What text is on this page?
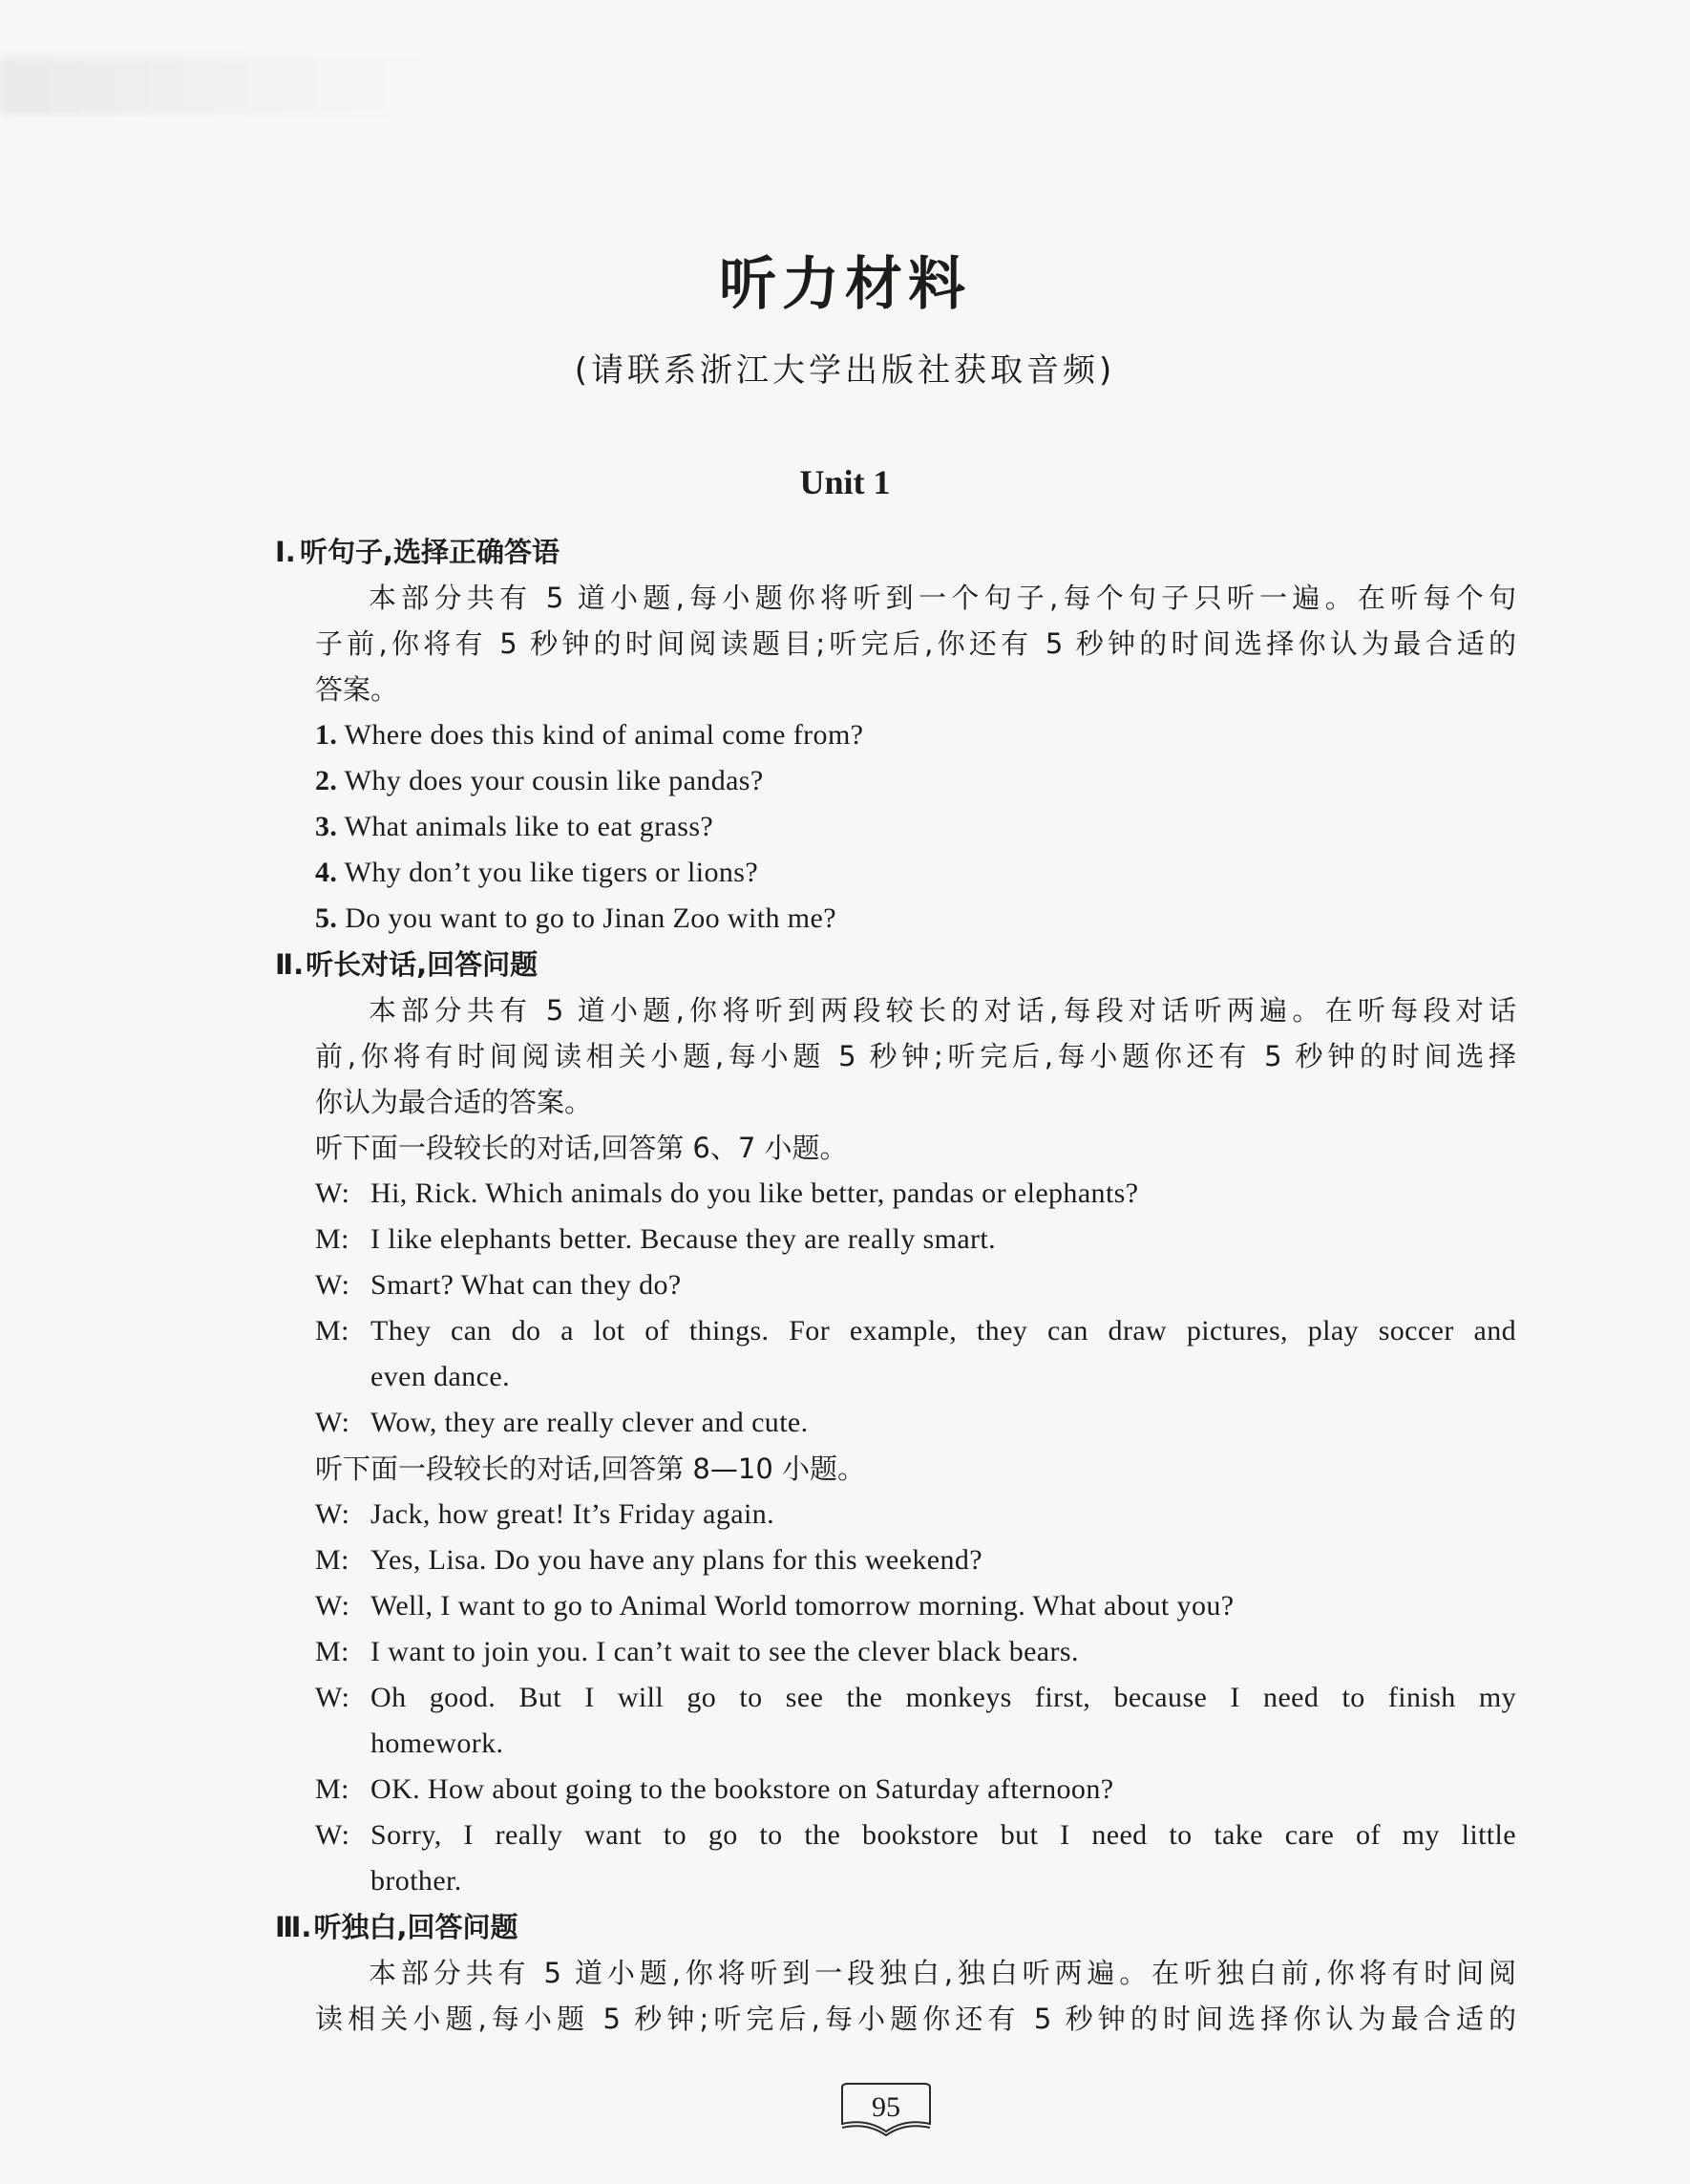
听力材料
(请联系浙江大学出版社获取音频)
Unit 1
Ⅰ. 听句子,选择正确答语
本部分共有 5 道小题,每小题你将听到一个句子,每个句子只听一遍。在听每个句
子前,你将有 5 秒钟的时间阅读题目;听完后,你还有 5 秒钟的时间选择你认为最合适的
答案。
1. Where does this kind of animal come from?
2. Why does your cousin like pandas?
3. What animals like to eat grass?
4. Why don’t you like tigers or lions?
5. Do you want to go to Jinan Zoo with me?
Ⅱ.听长对话,回答问题
本部分共有 5 道小题,你将听到两段较长的对话,每段对话听两遍。在听每段对话
前,你将有时间阅读相关小题,每小题 5 秒钟;听完后,每小题你还有 5 秒钟的时间选择
你认为最合适的答案。
听下面一段较长的对话,回答第 6、7 小题。
W: Hi, Rick. Which animals do you like better, pandas or elephants?
M: I like elephants better. Because they are really smart.
W: Smart? What can they do?
M: They can do a lot of things. For example, they can draw pictures, play soccer and
even dance.
W: Wow, they are really clever and cute.
听下面一段较长的对话,回答第 8—10 小题。
W: Jack, how great! It’s Friday again.
M: Yes, Lisa. Do you have any plans for this weekend?
W: Well, I want to go to Animal World tomorrow morning. What about you?
M: I want to join you. I can’t wait to see the clever black bears.
W: Oh good. But I will go to see the monkeys first, because I need to finish my
homework.
M: OK. How about going to the bookstore on Saturday afternoon?
W: Sorry, I really want to go to the bookstore but I need to take care of my little
brother.
Ⅲ.听独白,回答问题
本部分共有 5 道小题,你将听到一段独白,独白听两遍。在听独白前,你将有时间阅
读相关小题,每小题 5 秒钟;听完后,每小题你还有 5 秒钟的时间选择你认为最合适的
95
